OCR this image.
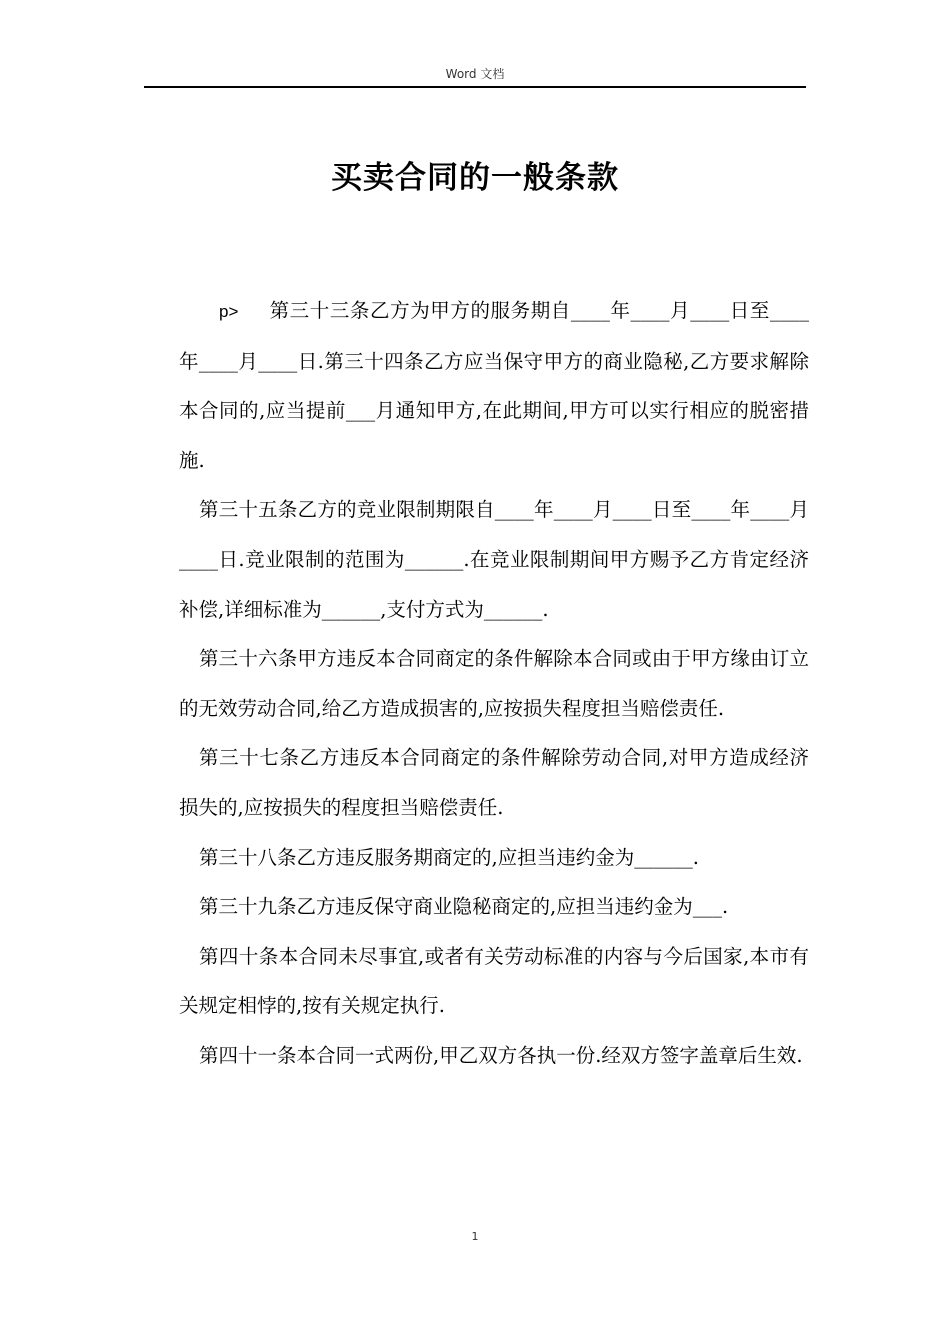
Word 文档
买卖合同的一般条款

p> 第三十三条乙方为甲方的服务期自____年____月____日至____年____月____日.第三十四条乙方应当保守甲方的商业隐秘,乙方要求解除本合同的,应当提前___月通知甲方,在此期间,甲方可以实行相应的脱密措施.

第三十五条乙方的竞业限制期限自____年____月____日至____年____月____日.竞业限制的范围为______.在竞业限制期间甲方赐予乙方肯定经济补偿,详细标准为______,支付方式为______.

第三十六条甲方违反本合同商定的条件解除本合同或由于甲方缘由订立的无效劳动合同,给乙方造成损害的,应按损失程度担当赔偿责任.

第三十七条乙方违反本合同商定的条件解除劳动合同,对甲方造成经济损失的,应按损失的程度担当赔偿责任.

第三十八条乙方违反服务期商定的,应担当违约金为______.

第三十九条乙方违反保守商业隐秘商定的,应担当违约金为___.

第四十条本合同未尽事宜,或者有关劳动标准的内容与今后国家,本市有关规定相悖的,按有关规定执行.

第四十一条本合同一式两份,甲乙双方各执一份.经双方签字盖章后生效.

1
